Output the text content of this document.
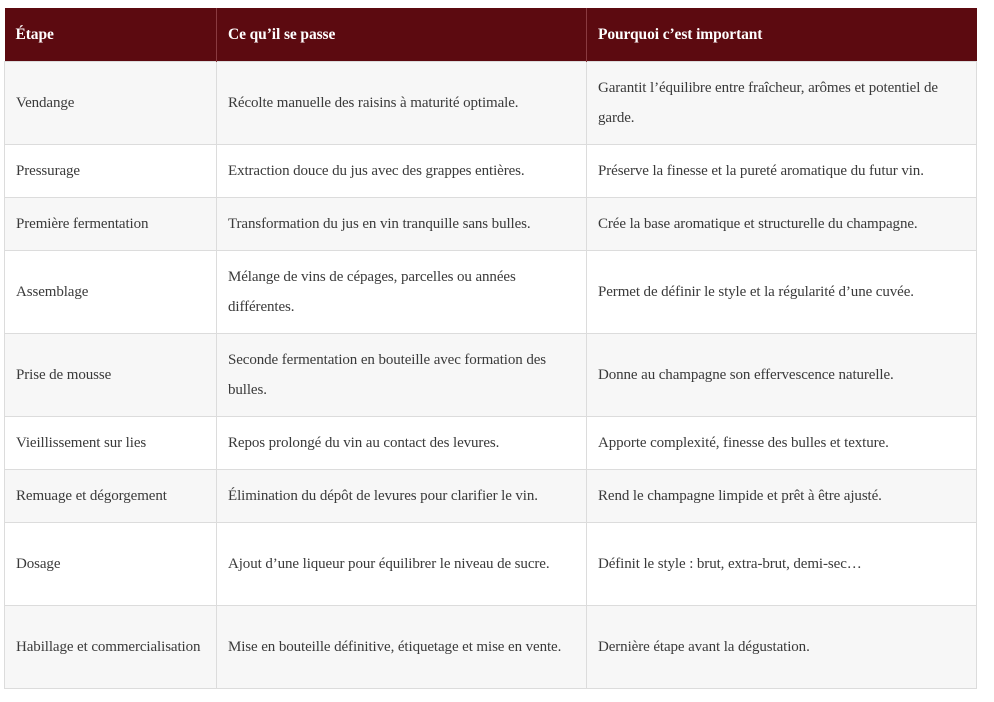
Étape	Ce qu’il se passe	Pourquoi c’est important
Vendange	Récolte manuelle des raisins à maturité optimale.	Garantit l’équilibre entre fraîcheur, arômes et potentiel de garde.
Pressurage	Extraction douce du jus avec des grappes entières.	Préserve la finesse et la pureté aromatique du futur vin.
Première fermentation	Transformation du jus en vin tranquille sans bulles.	Crée la base aromatique et structurelle du champagne.
Assemblage	Mélange de vins de cépages, parcelles ou années différentes.	Permet de définir le style et la régularité d’une cuvée.
Prise de mousse	Seconde fermentation en bouteille avec formation des bulles.	Donne au champagne son effervescence naturelle.
Vieillissement sur lies	Repos prolongé du vin au contact des levures.	Apporte complexité, finesse des bulles et texture.
Remuage et dégorgement	Élimination du dépôt de levures pour clarifier le vin.	Rend le champagne limpide et prêt à être ajusté.
Dosage	Ajout d’une liqueur pour équilibrer le niveau de sucre.	Définit le style : brut, extra-brut, demi-sec…
Habillage et commercialisation	Mise en bouteille définitive, étiquetage et mise en vente.	Dernière étape avant la dégustation.
